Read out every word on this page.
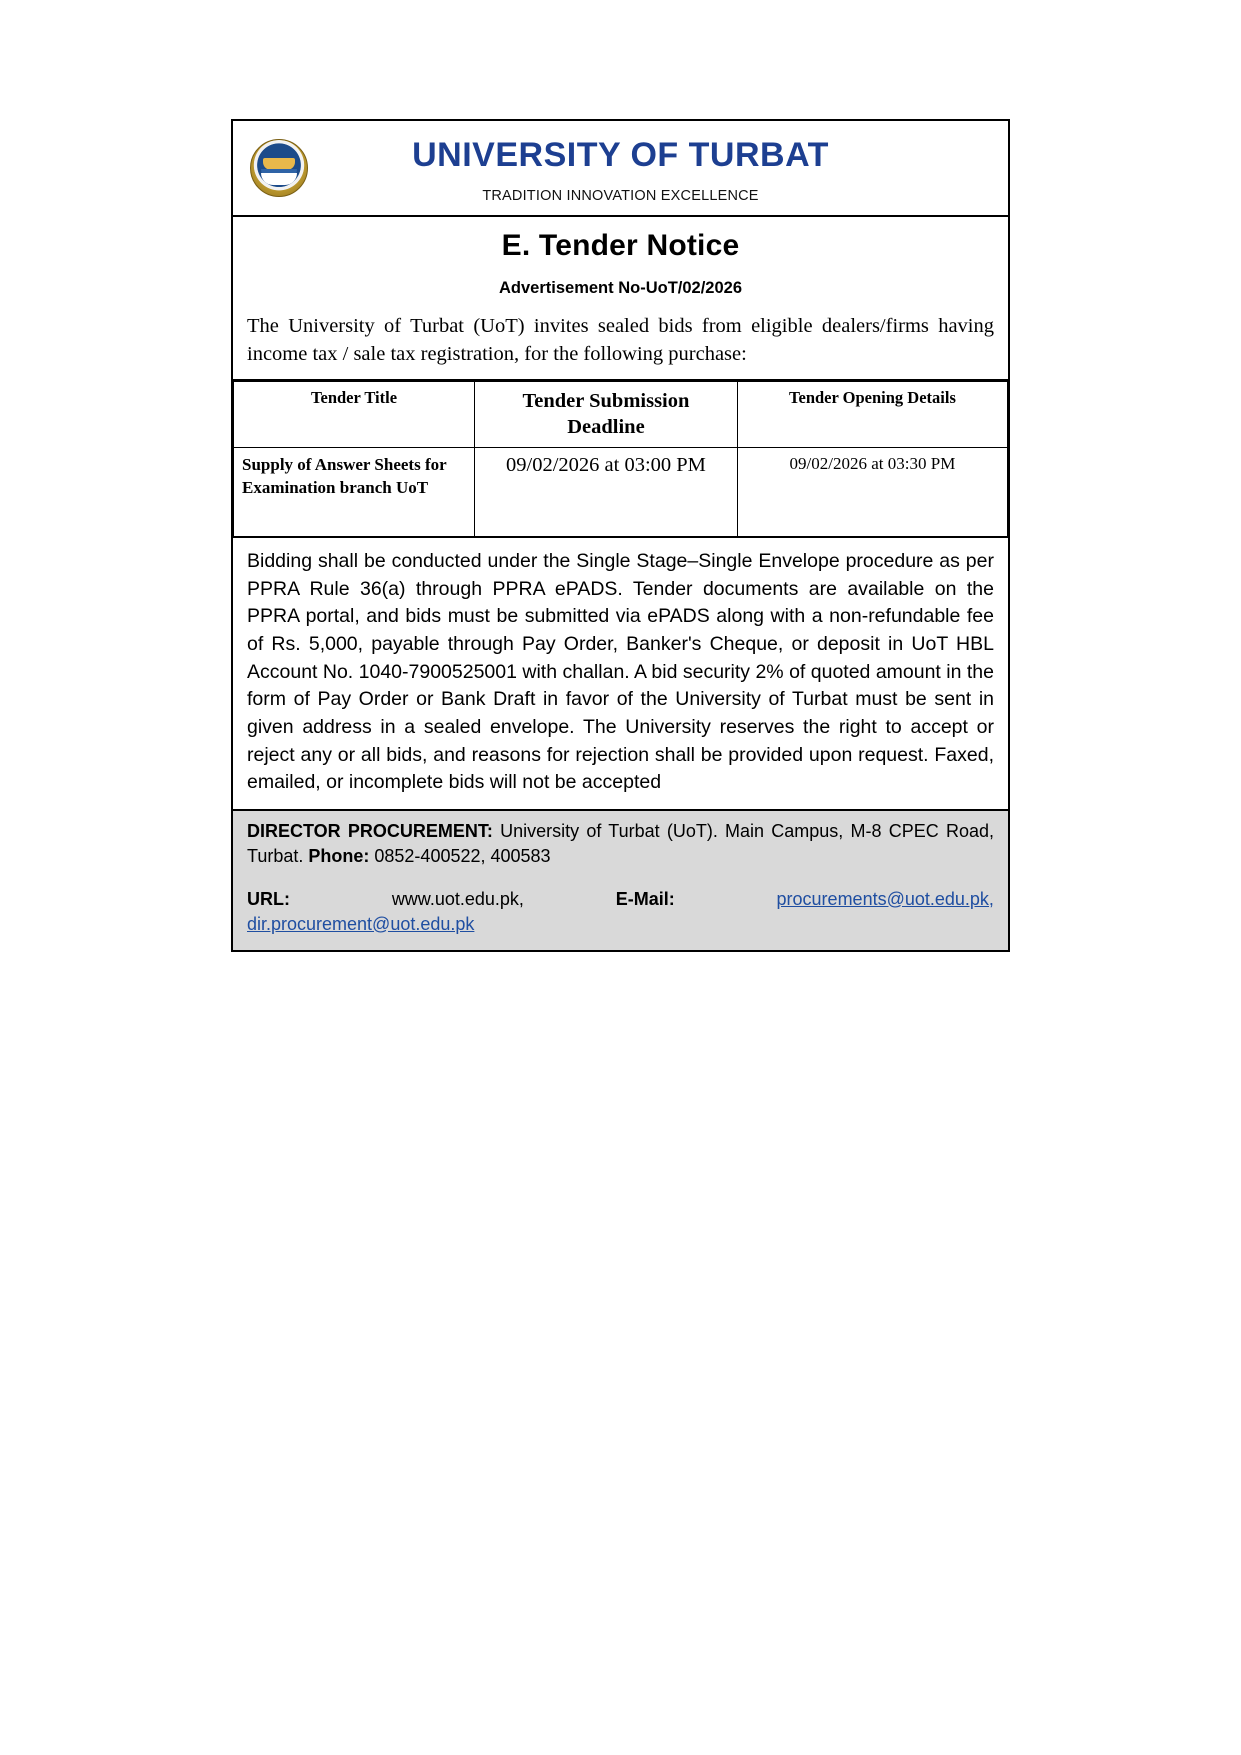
UNIVERSITY OF TURBAT
TRADITION INNOVATION EXCELLENCE
E. Tender Notice
Advertisement No-UoT/02/2026
The University of Turbat (UoT) invites sealed bids from eligible dealers/firms having income tax / sale tax registration, for the following purchase:
Tender Title	Tender Submission Deadline	Tender Opening Details
Supply of Answer Sheets for Examination branch UoT	09/02/2026 at 03:00 PM	09/02/2026 at 03:30 PM
Bidding shall be conducted under the Single Stage–Single Envelope procedure as per PPRA Rule 36(a) through PPRA ePADS. Tender documents are available on the PPRA portal, and bids must be submitted via ePADS along with a non-refundable fee of Rs. 5,000, payable through Pay Order, Banker's Cheque, or deposit in UoT HBL Account No. 1040-7900525001 with challan. A bid security 2% of quoted amount in the form of Pay Order or Bank Draft in favor of the University of Turbat must be sent in given address in a sealed envelope. The University reserves the right to accept or reject any or all bids, and reasons for rejection shall be provided upon request. Faxed, emailed, or incomplete bids will not be accepted
DIRECTOR PROCUREMENT: University of Turbat (UoT). Main Campus, M-8 CPEC Road, Turbat. Phone: 0852-400522, 400583
URL:	www.uot.edu.pk,	E-Mail:	procurements@uot.edu.pk, dir.procurement@uot.edu.pk
